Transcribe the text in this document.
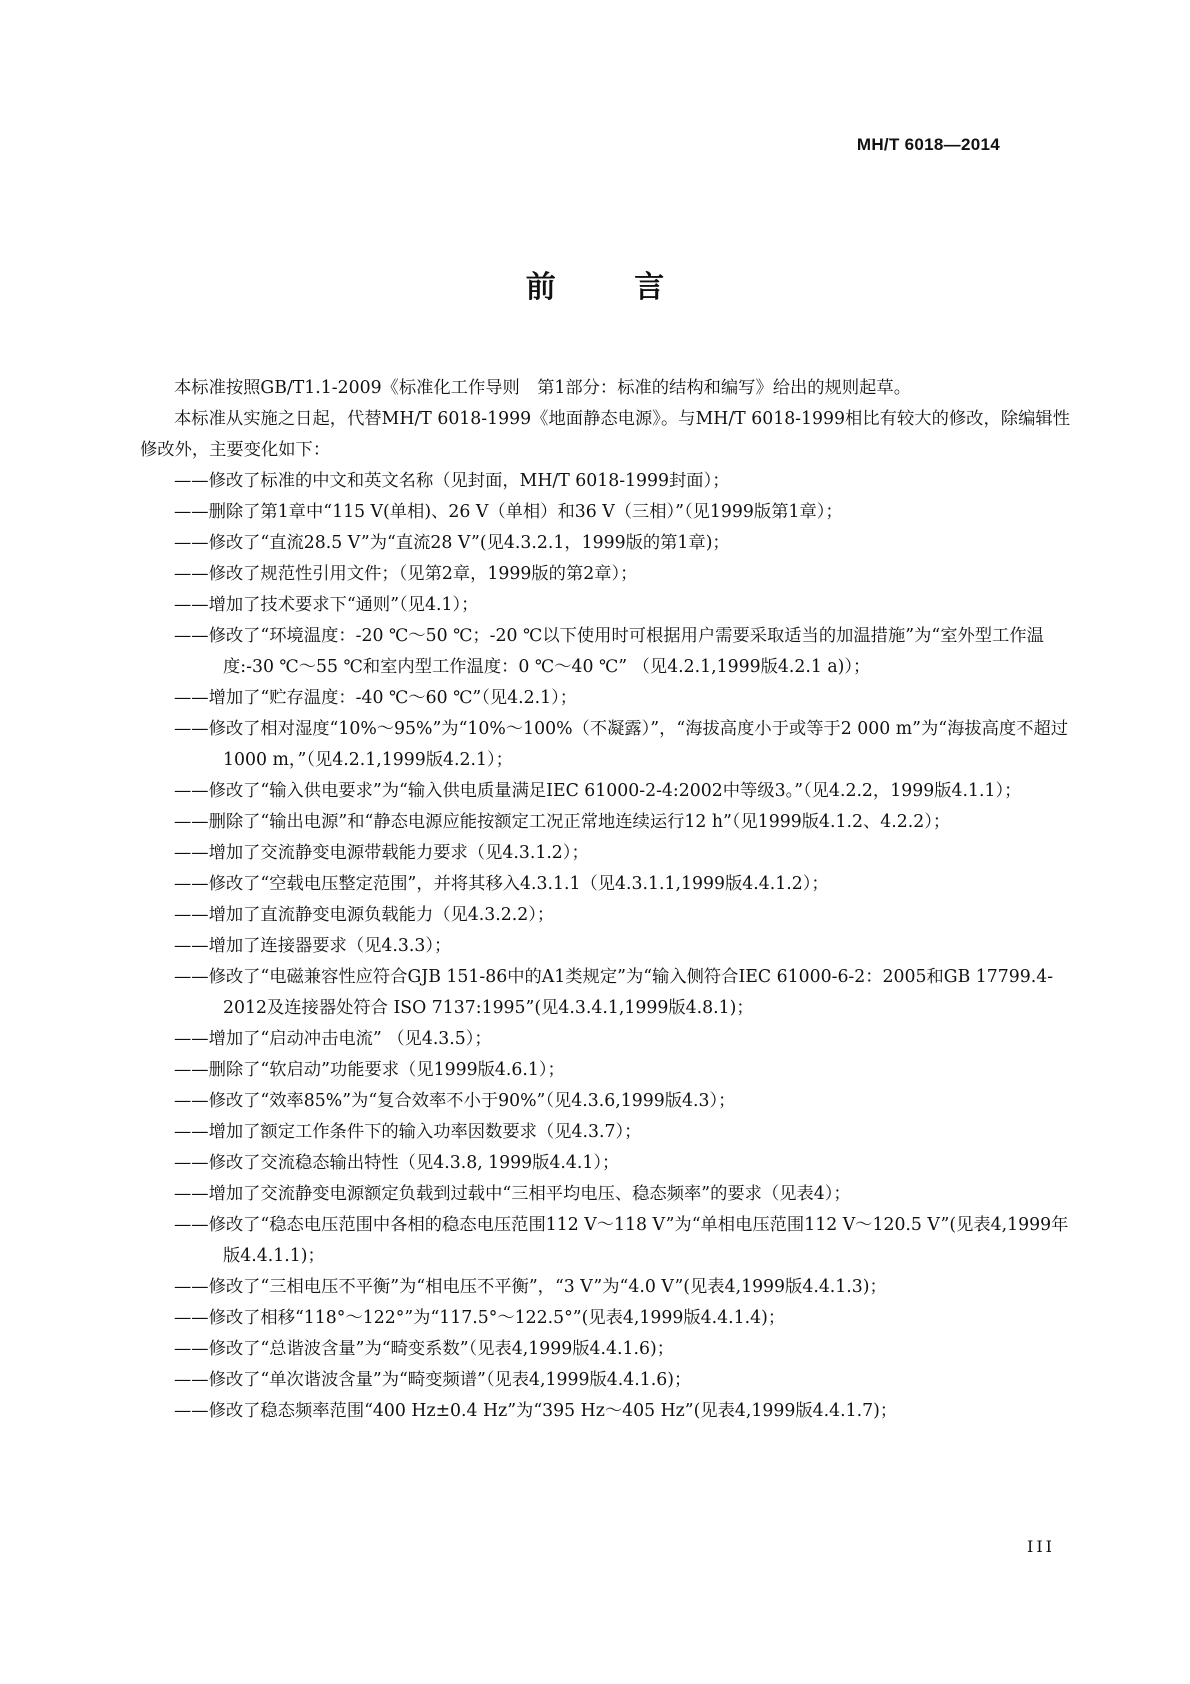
MH/T 6018—2014
前 言

本标准按照GB/T1.1-2009《标准化工作导则　第1部分：标准的结构和编写》给出的规则起草。

本标准从实施之日起，代替MH/T 6018-1999《地面静态电源》。与MH/T 6018-1999相比有较大的修改，除编辑性修改外，主要变化如下：

——修改了标准的中文和英文名称（见封面，MH/T 6018-1999封面）；

——删除了第1章中“115 V(单相)、26 V（单相）和36 V（三相）”（见1999版第1章）；

——修改了“直流28.5 V”为“直流28 V”(见4.3.2.1，1999版的第1章)；

——修改了规范性引用文件；（见第2章，1999版的第2章）；

——增加了技术要求下“通则”（见4.1）；

——修改了“环境温度：-20 ℃～50 ℃；-20 ℃以下使用时可根据用户需要采取适当的加温措施”为“室外型工作温度:-30 ℃～55 ℃和室内型工作温度：0 ℃～40 ℃” （见4.2.1,1999版4.2.1 a)）；

——增加了“贮存温度：-40 ℃～60 ℃”（见4.2.1）；

——修改了相对湿度“10%～95%”为“10%～100%（不凝露）”，“海拔高度小于或等于2 000 m”为“海拔高度不超过1000 m，”（见4.2.1,1999版4.2.1）；

——修改了“输入供电要求”为“输入供电质量满足IEC 61000-2-4:2002中等级3。”（见4.2.2，1999版4.1.1）；

——删除了“输出电源”和“静态电源应能按额定工况正常地连续运行12 h”（见1999版4.1.2、4.2.2）；

——增加了交流静变电源带载能力要求（见4.3.1.2）；

——修改了“空载电压整定范围”，并将其移入4.3.1.1（见4.3.1.1,1999版4.4.1.2）；

——增加了直流静变电源负载能力（见4.3.2.2）；

——增加了连接器要求（见4.3.3）；

——修改了“电磁兼容性应符合GJB 151-86中的A1类规定”为“输入侧符合IEC 61000-6-2：2005和GB 17799.4-2012及连接器处符合 ISO 7137:1995”(见4.3.4.1,1999版4.8.1)；

——增加了“启动冲击电流” （见4.3.5）；

——删除了“软启动”功能要求（见1999版4.6.1）；

——修改了“效率85%”为“复合效率不小于90%”（见4.3.6,1999版4.3）；

——增加了额定工作条件下的输入功率因数要求（见4.3.7）；

——修改了交流稳态输出特性（见4.3.8, 1999版4.4.1）；

——增加了交流静变电源额定负载到过载中“三相平均电压、稳态频率”的要求（见表4）；

——修改了“稳态电压范围中各相的稳态电压范围112 V～118 V”为“单相电压范围112 V～120.5 V”(见表4,1999年版4.4.1.1)；

——修改了“三相电压不平衡”为“相电压不平衡”，“3 V”为“4.0 V”(见表4,1999版4.4.1.3)；

——修改了相移“118°～122°”为“117.5°～122.5°”(见表4,1999版4.4.1.4)；

——修改了“总谐波含量”为“畸变系数”（见表4,1999版4.4.1.6)；

——修改了“单次谐波含量”为“畸变频谱”（见表4,1999版4.4.1.6)；

——修改了稳态频率范围“400 Hz±0.4 Hz”为“395 Hz～405 Hz”(见表4,1999版4.4.1.7)；

III
